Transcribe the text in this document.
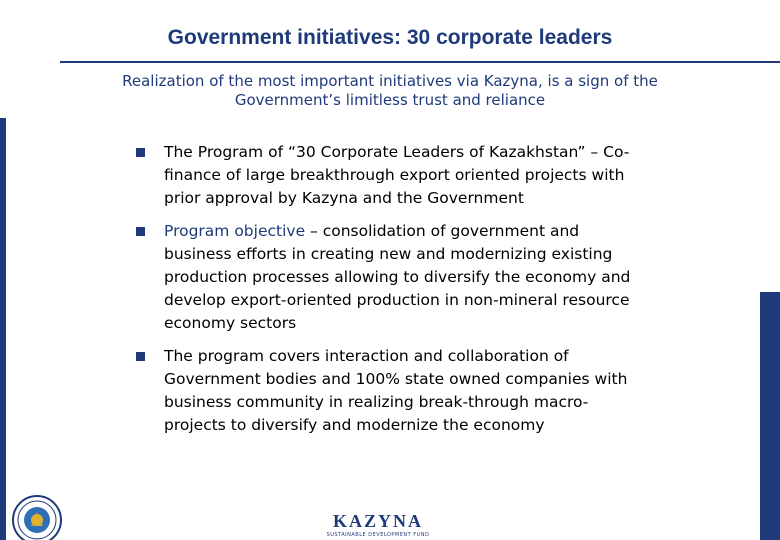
Government initiatives: 30 corporate leaders
Realization of the most important initiatives via Kazyna, is a sign of the
Government’s limitless trust and reliance
The Program of “30 Corporate Leaders of Kazakhstan” – Co-finance of large breakthrough export oriented projects with prior approval by Kazyna and the Government
Program objective – consolidation of government and business efforts in creating new and modernizing existing production processes allowing to diversify the economy and develop export-oriented production in non-mineral resource economy sectors
The program covers interaction and collaboration of Government bodies and 100% state owned companies with business community in realizing break-through macro-projects to diversify and modernize the economy
KAZYNA
SUSTAINABLE DEVELOPMENT FUND
